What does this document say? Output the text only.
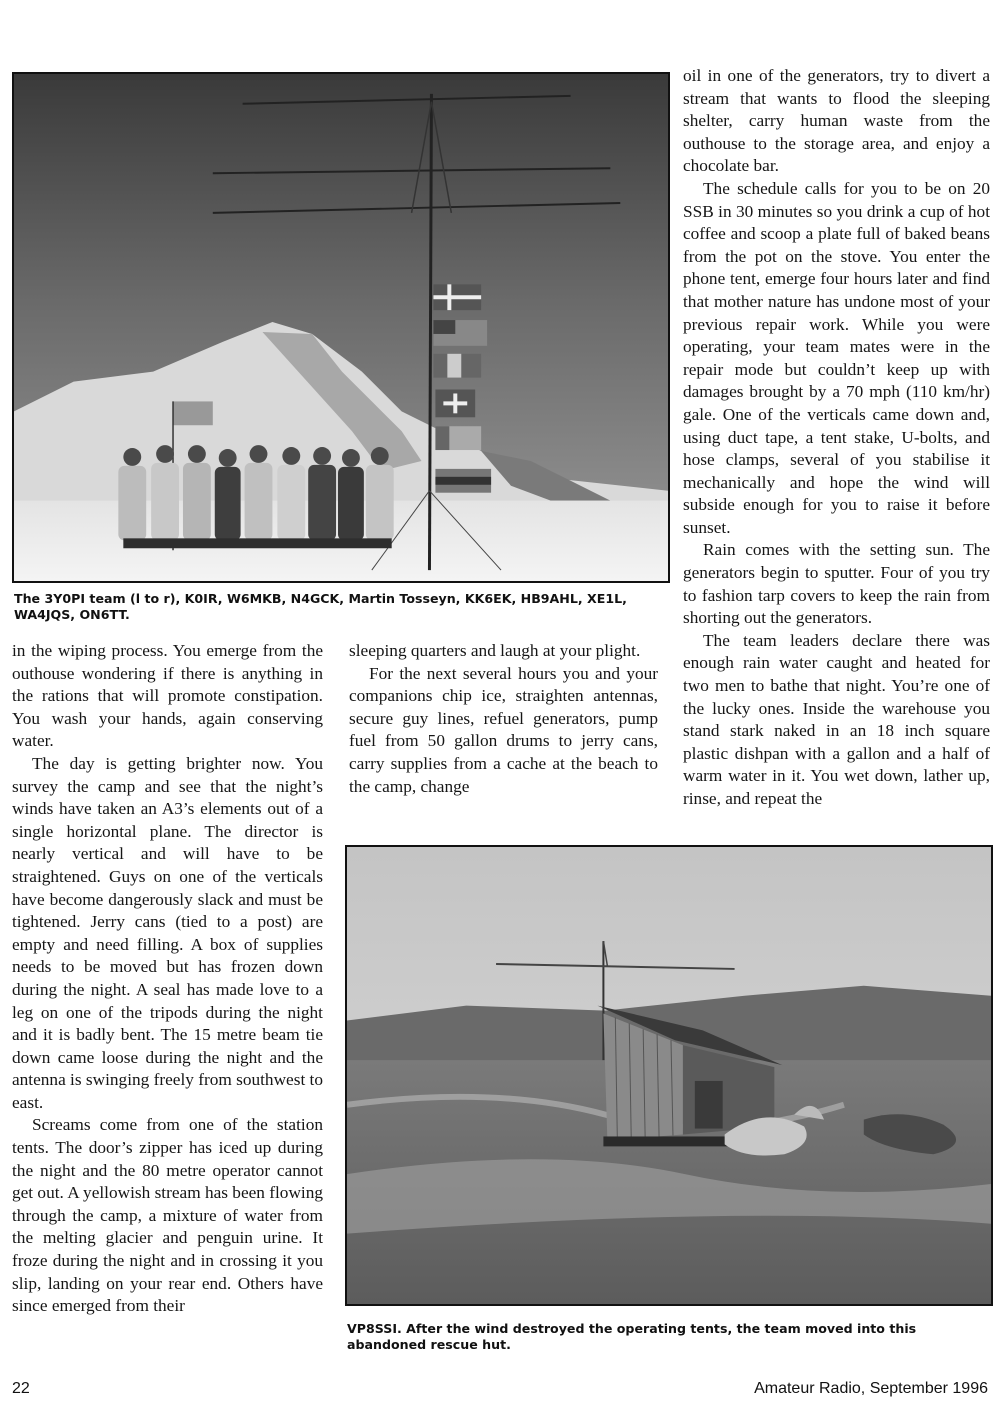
The 3Y0PI team (l to r), K0IR, W6MKB, N4GCK, Martin Tosseyn, KK6EK, HB9AHL, XE1L, WA4JQS, ON6TT.

in the wiping process. You emerge from the outhouse wondering if there is anything in the rations that will promote constipation. You wash your hands, again conserving water.

The day is getting brighter now. You survey the camp and see that the night’s winds have taken an A3’s elements out of a single horizontal plane. The director is nearly vertical and will have to be straightened. Guys on one of the verticals have become dangerously slack and must be tightened. Jerry cans (tied to a post) are empty and need filling. A box of supplies needs to be moved but has frozen down during the night. A seal has made love to a leg on one of the tripods during the night and it is badly bent. The 15 metre beam tie down came loose during the night and the antenna is swinging freely from southwest to east.

Screams come from one of the station tents. The door’s zipper has iced up during the night and the 80 metre operator cannot get out. A yellowish stream has been flowing through the camp, a mixture of water from the melting glacier and penguin urine. It froze during the night and in crossing it you slip, landing on your rear end. Others have since emerged from their

sleeping quarters and laugh at your plight.

For the next several hours you and your companions chip ice, straighten antennas, secure guy lines, refuel generators, pump fuel from 50 gallon drums to jerry cans, carry supplies from a cache at the beach to the camp, change

oil in one of the generators, try to divert a stream that wants to flood the sleeping shelter, carry human waste from the outhouse to the storage area, and enjoy a chocolate bar.

The schedule calls for you to be on 20 SSB in 30 minutes so you drink a cup of hot coffee and scoop a plate full of baked beans from the pot on the stove. You enter the phone tent, emerge four hours later and find that mother nature has undone most of your previous repair work. While you were operating, your team mates were in the repair mode but couldn’t keep up with damages brought by a 70 mph (110 km/hr) gale. One of the verticals came down and, using duct tape, a tent stake, U-bolts, and hose clamps, several of you stabilise it mechanically and hope the wind will subside enough for you to raise it before sunset.

Rain comes with the setting sun. The generators begin to sputter. Four of you try to fashion tarp covers to keep the rain from shorting out the generators.

The team leaders declare there was enough rain water caught and heated for two men to bathe that night. You’re one of the lucky ones. Inside the warehouse you stand stark naked in an 18 inch square plastic dishpan with a gallon and a half of warm water in it. You wet down, lather up, rinse, and repeat the

VP8SSI. After the wind destroyed the operating tents, the team moved into this abandoned rescue hut.
22	Amateur Radio, September 1996
